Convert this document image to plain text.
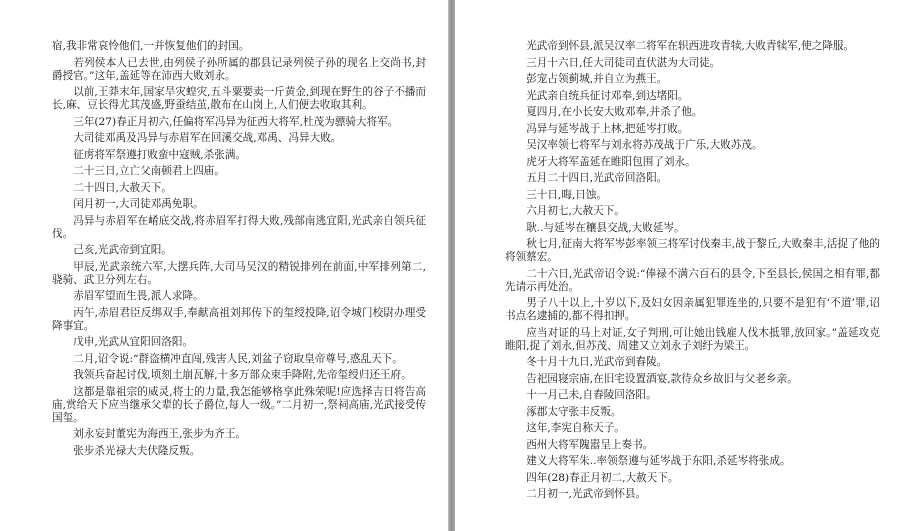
宿,我非常哀怜他们,一并恢复他们的封国。

若列侯本人已去世,由列侯子孙所属的郡县记录列侯子孙的现名上交尚书,封爵授官。”这年,盖延等在沛西大败刘永。

以前,王莽末年,国家旱灾蝗灾,五斗粟要卖一斤黄金,到现在野生的谷子不播而长,麻、豆长得尤其茂盛,野蚕结茧,散布在山岗上,人们便去收取其利。

三年(27)春正月初六,任偏将军冯异为征西大将军,杜茂为骠骑大将军。

大司徒邓禹及冯异与赤眉军在回溪交战,邓禹、冯异大败。

征虏将军祭遵打败蛮中寇贼,杀张满。

二十三日,立亡父南顿君上四庙。

二十四日,大赦天下。

闰月初一,大司徒邓禹免职。

冯异与赤眉军在崤底交战,将赤眉军打得大败,残部南逃宜阳,光武亲自领兵征伐。

己亥,光武帝到宜阳。

甲辰,光武亲统六军,大摆兵阵,大司马吴汉的精锐排列在前面,中军排列第二,骁骑、武卫分列左右。

赤眉军望而生畏,派人求降。

丙午,赤眉君臣反绑双手,奉献高祖刘邦传下的玺绶投降,诏令城门校尉办理受降事宜。

戊申,光武从宜阳回洛阳。

二月,诏令说:“群盗横冲直闯,残害人民,刘盆子窃取皇帝尊号,惑乱天下。

我领兵奋起讨伐,顷刻土崩瓦解,十多万部众束手降附,先帝玺绶归还王府。

这都是靠祖宗的威灵,将士的力量,我怎能够格享此殊荣呢!应选择吉日将告高庙,赏给天下应当继承父辈的长子爵位,每人一级。”二月初一,祭祠高庙,光武接受传国玺。

刘永妄封董宪为海西王,张步为齐王。

张步杀光禄大夫伏隆反叛。

光武帝到怀县,派吴汉率二将军在轵西进攻青犊,大败青犊军,使之降服。

三月十六日,任大司徒司直伏湛为大司徒。

彭宠占领蓟城,并自立为燕王。

光武亲自统兵征讨邓奉,到达堵阳。

夏四月,在小长安大败邓奉,并杀了他。

冯异与延岑战于上林,把延岑打败。

吴汉率领七将军与刘永将苏茂战于广乐,大败苏茂。

虎牙大将军盖延在睢阳包围了刘永。

五月二十四日,光武帝回洛阳。

三十日,晦,日蚀。

六月初七,大赦天下。

耿..与延岑在穰县交战,大败延岑。

秋七月,征南大将军岑彭率领三将军讨伐秦丰,战于黎丘,大败秦丰,活捉了他的将领蔡宏。

二十六日,光武帝诏令说:“俸禄不满六百石的县令,下至县长,侯国之相有罪,都先请示再处治。

男子八十以上,十岁以下,及妇女因亲属犯罪连坐的,只要不是犯有‘不道’罪,诏书点名逮捕的,都不得扣押。

应当对证的马上对证,女子判刑,可让她出钱雇人伐木抵罪,放回家。”盖延攻克睢阳,捉了刘永,但苏茂、周建又立刘永子刘纡为梁王。

冬十月十九日,光武帝到舂陵。

告祀园寝宗庙,在旧宅设置酒宴,款待众乡故旧与父老乡亲。

十一月己未,自舂陵回洛阳。

涿郡太守张丰反叛。

这年,李宪自称天子。

西州大将军隗嚣呈上奏书。

建义大将军朱..率领祭遵与延岑战于东阳,杀延岑将张成。

四年(28)春正月初二,大赦天下。

二月初一,光武帝到怀县。
